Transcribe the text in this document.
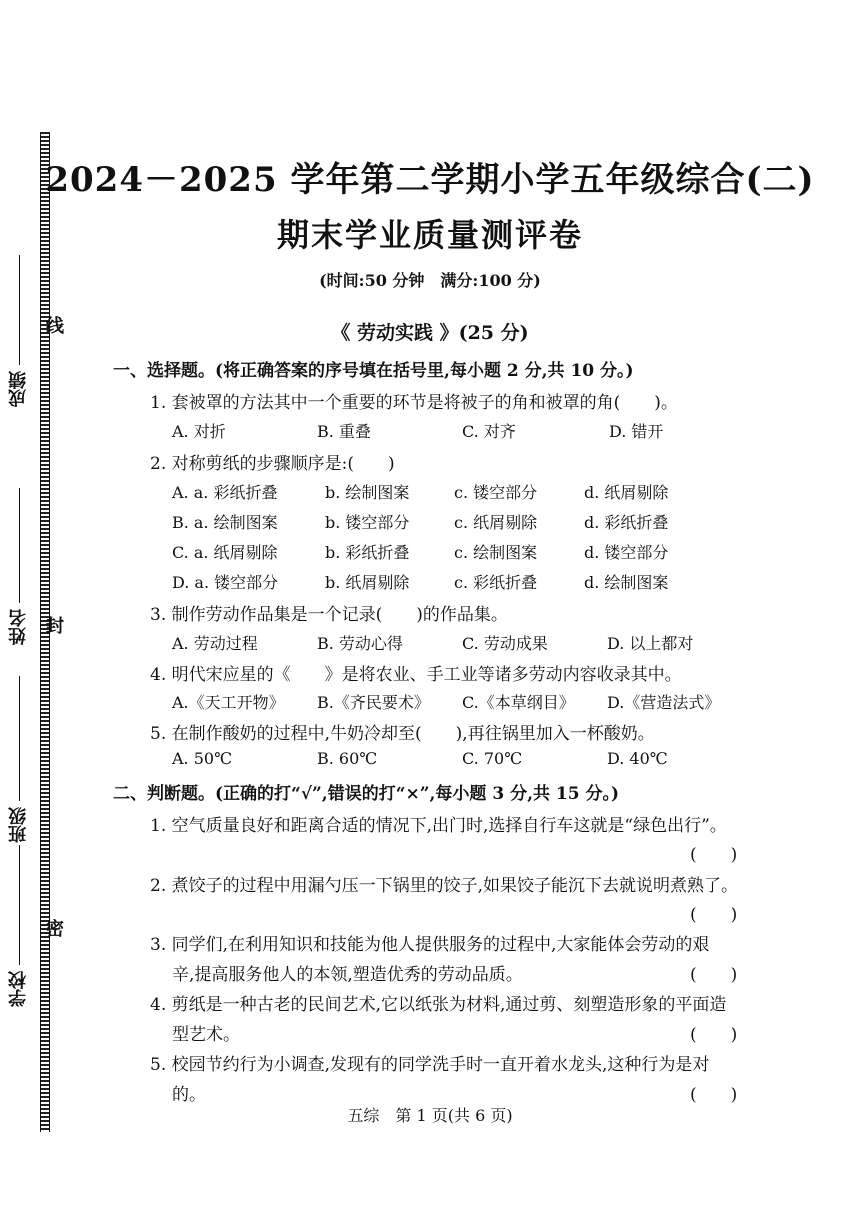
线
封
密
成绩
姓名
班级
学校
2024－2025 学年第二学期小学五年级综合(二)
期末学业质量测评卷
(时间:50 分钟　满分:100 分)
《 劳动实践 》(25 分)
一、选择题。(将正确答案的序号填在括号里,每小题 2 分,共 10 分。)
1. 套被罩的方法其中一个重要的环节是将被子的角和被罩的角(　　)。
A. 对折	B. 重叠	C. 对齐	D. 错开
2. 对称剪纸的步骤顺序是:(　　)
A. a. 彩纸折叠	b. 绘制图案	c. 镂空部分	d. 纸屑剔除
B. a. 绘制图案	b. 镂空部分	c. 纸屑剔除	d. 彩纸折叠
C. a. 纸屑剔除	b. 彩纸折叠	c. 绘制图案	d. 镂空部分
D. a. 镂空部分	b. 纸屑剔除	c. 彩纸折叠	d. 绘制图案
3. 制作劳动作品集是一个记录(　　)的作品集。
A. 劳动过程	B. 劳动心得	C. 劳动成果	D. 以上都对
4. 明代宋应星的《　　》是将农业、手工业等诸多劳动内容收录其中。
A.《天工开物》 B.《齐民要术》 C.《本草纲目》 D.《营造法式》
5. 在制作酸奶的过程中,牛奶冷却至(　　),再往锅里加入一杯酸奶。
A. 50℃	B. 60℃	C. 70℃	D. 40℃
二、判断题。(正确的打“√”,错误的打“×”,每小题 3 分,共 15 分。)
1. 空气质量良好和距离合适的情况下,出门时,选择自行车这就是“绿色出行”。
(　　)
2. 煮饺子的过程中用漏勺压一下锅里的饺子,如果饺子能沉下去就说明煮熟了。
(　　)
3. 同学们,在利用知识和技能为他人提供服务的过程中,大家能体会劳动的艰
辛,提高服务他人的本领,塑造优秀的劳动品质。	(　　)
4. 剪纸是一种古老的民间艺术,它以纸张为材料,通过剪、刻塑造形象的平面造
型艺术。	(　　)
5. 校园节约行为小调查,发现有的同学洗手时一直开着水龙头,这种行为是对
的。	(　　)
五综　第 1 页(共 6 页)
